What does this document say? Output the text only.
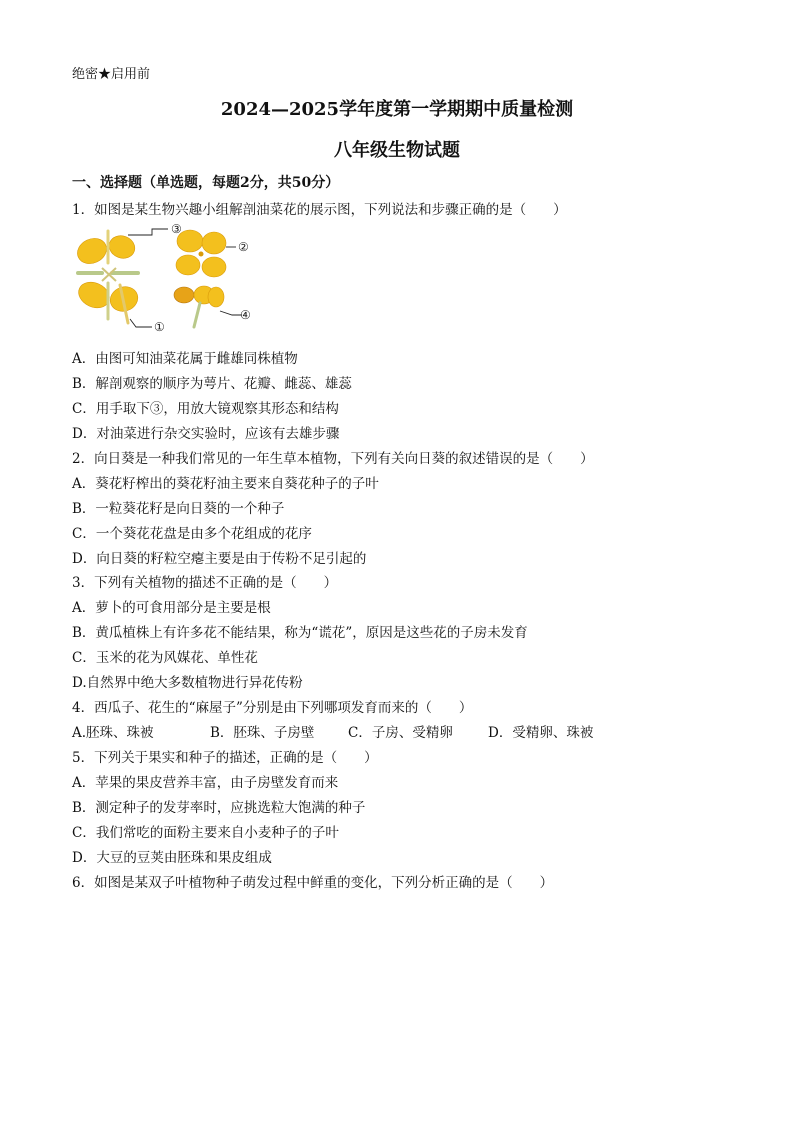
绝密★启用前
2024—2025学年度第一学期期中质量检测
八年级生物试题
一、选择题（单选题，每题2分，共50分）
1．如图是某生物兴趣小组解剖油菜花的展示图，下列说法和步骤正确的是（　　）
③
②
①
④
A．由图可知油菜花属于雌雄同株植物
B．解剖观察的顺序为萼片、花瓣、雌蕊、雄蕊
C．用手取下③，用放大镜观察其形态和结构
D．对油菜进行杂交实验时，应该有去雄步骤
2．向日葵是一种我们常见的一年生草本植物，下列有关向日葵的叙述错误的是（　　）
A．葵花籽榨出的葵花籽油主要来自葵花种子的子叶
B．一粒葵花籽是向日葵的一个种子
C．一个葵花花盘是由多个花组成的花序
D．向日葵的籽粒空瘪主要是由于传粉不足引起的
3．下列有关植物的描述不正确的是（　　）
A．萝卜的可食用部分是主要是根
B．黄瓜植株上有许多花不能结果，称为“谎花”，原因是这些花的子房未发育
C．玉米的花为风媒花、单性花
D.自然界中绝大多数植物进行异花传粉
4．西瓜子、花生的“麻屋子”分别是由下列哪项发育而来的（　　）
A.胚珠、珠被	B．胚珠、子房壁 C．子房、受精卵	D．受精卵、珠被
5．下列关于果实和种子的描述，正确的是（　　）
A．苹果的果皮营养丰富，由子房壁发育而来
B．测定种子的发芽率时，应挑选粒大饱满的种子
C．我们常吃的面粉主要来自小麦种子的子叶
D．大豆的豆荚由胚珠和果皮组成
6．如图是某双子叶植物种子萌发过程中鲜重的变化，下列分析正确的是（　　）
